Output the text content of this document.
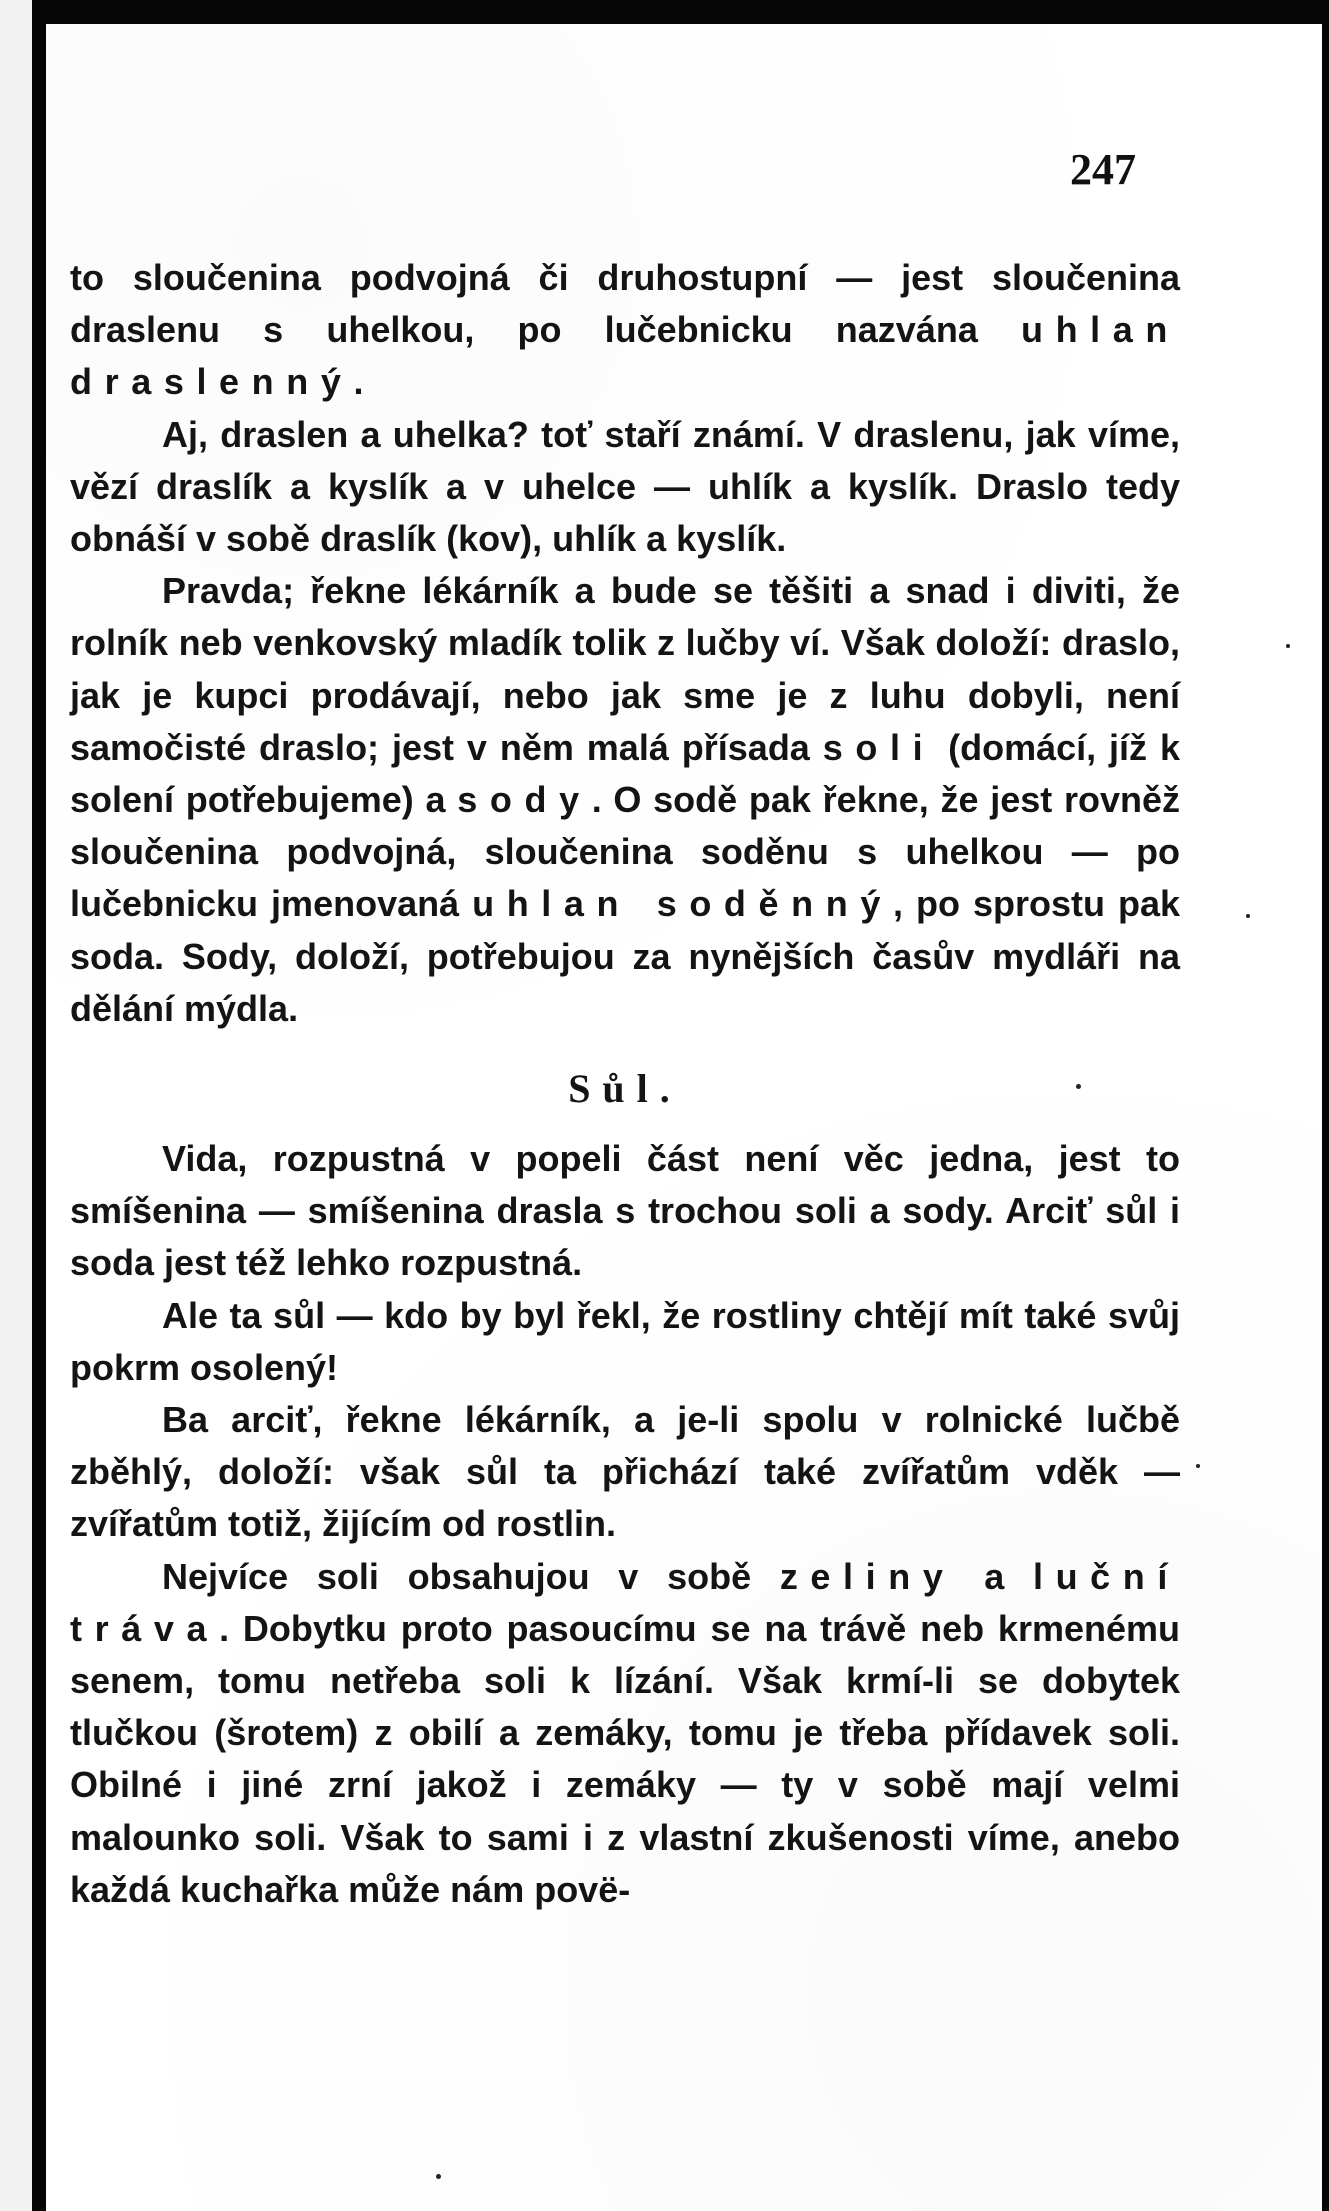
247

to sloučenina podvojná či druhostupní — jest sloučenina draslenu s uhelkou, po lučebnicku nazvána uhlan draslenný.

Aj, draslen a uhelka? toť staří známí. V draslenu, jak víme, vězí draslík a kyslík a v uhelce — uhlík a kyslík. Draslo tedy obnáší v sobě draslík (kov), uhlík a kyslík.

Pravda; řekne lékárník a bude se těšiti a snad i diviti, že rolník neb venkovský mladík tolik z lučby ví. Však doloží: draslo, jak je kupci prodávají, nebo jak sme je z luhu dobyli, není samočisté draslo; jest v něm malá přísada soli (domácí, jíž k solení potřebujeme) a sody. O sodě pak řekne, že jest rovněž sloučenina podvojná, sloučenina soděnu s uhelkou — po lučebnicku jmenovaná uhlan soděnný, po sprostu pak soda. Sody, doloží, potřebujou za nynějších časův mydláři na dělání mýdla.

Sůl.

Vida, rozpustná v popeli část není věc jedna, jest to smíšenina — smíšenina drasla s trochou soli a sody. Arciť sůl i soda jest též lehko rozpustná.

Ale ta sůl — kdo by byl řekl, že rostliny chtějí mít také svůj pokrm osolený!

Ba arciť, řekne lékárník, a je-li spolu v rolnické lučbě zběhlý, doloží: však sůl ta přichází také zvířatům vděk — zvířatům totiž, žijícím od rostlin.

Nejvíce soli obsahujou v sobě zeliny a luční tráva. Dobytku proto pasoucímu se na trávě neb krmenému senem, tomu netřeba soli k lízání. Však krmí-li se dobytek tlučkou (šrotem) z obilí a zemáky, tomu je třeba přídavek soli. Obilné i jiné zrní jakož i zemáky — ty v sobě mají velmi malounko soli. Však to sami i z vlastní zkušenosti víme, anebo každá kuchařka může nám povë-
